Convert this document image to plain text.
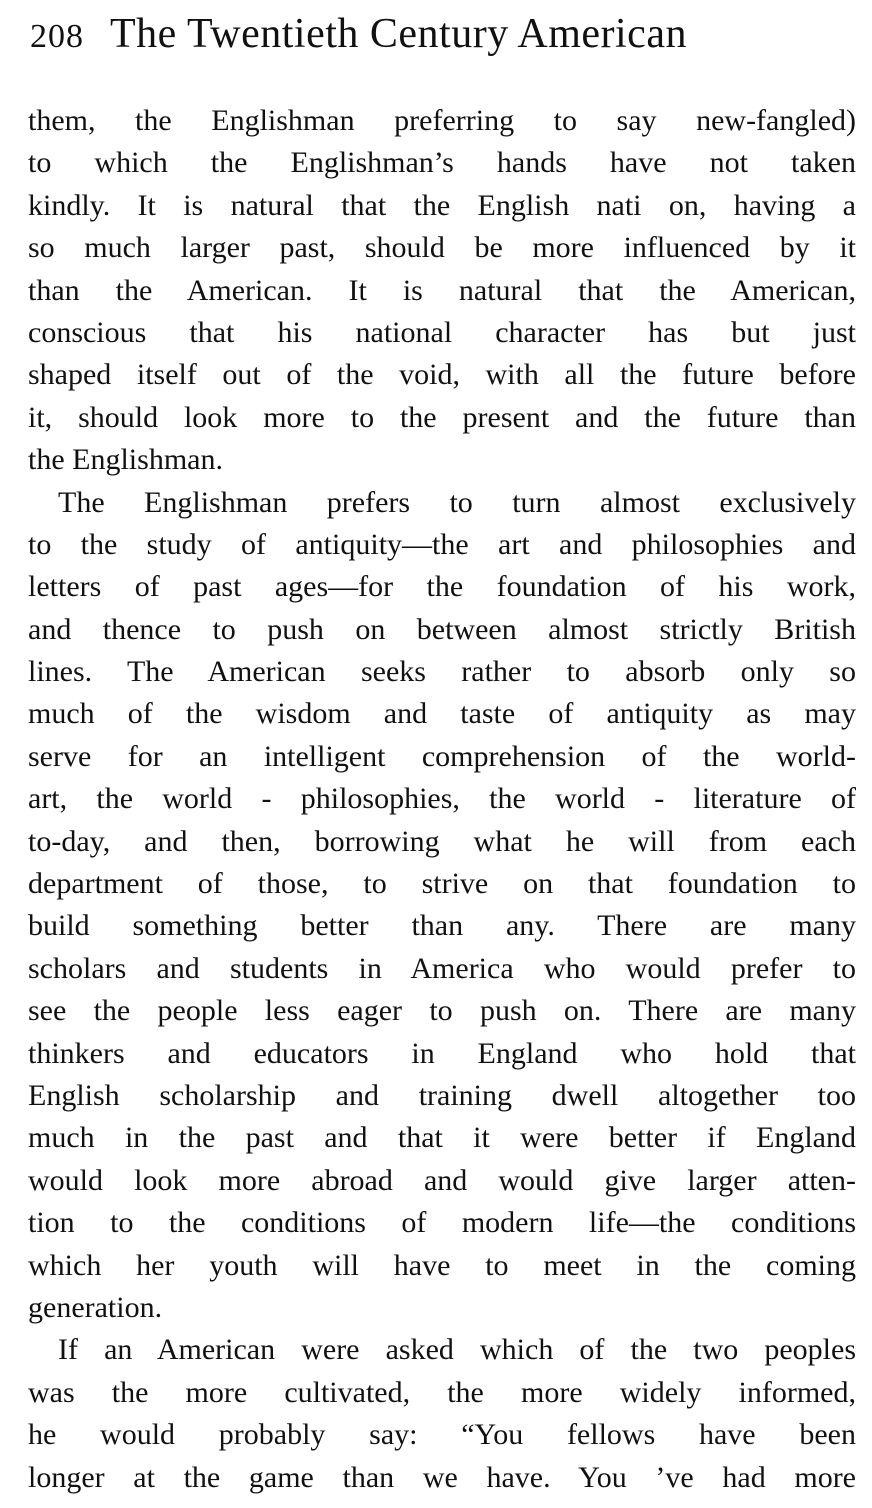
208 The Twentieth Century American
them, the Englishman preferring to say new-fangled)
to which the Englishman’s hands have not taken
kindly. It is natural that the English nati on, having a
so much larger past, should be more influenced by it
than the American. It is natural that the American,
conscious that his national character has but just
shaped itself out of the void, with all the future before
it, should look more to the present and the future than
the Englishman.
The Englishman prefers to turn almost exclusively
to the study of antiquity—the art and philosophies and
letters of past ages—for the foundation of his work,
and thence to push on between almost strictly British
lines. The American seeks rather to absorb only so
much of the wisdom and taste of antiquity as may
serve for an intelligent comprehension of the world-
art, the world - philosophies, the world - literature of
to-day, and then, borrowing what he will from each
department of those, to strive on that foundation to
build something better than any. There are many
scholars and students in America who would prefer to
see the people less eager to push on. There are many
thinkers and educators in England who hold that
English scholarship and training dwell altogether too
much in the past and that it were better if England
would look more abroad and would give larger atten-
tion to the conditions of modern life—the conditions
which her youth will have to meet in the coming
generation.
If an American were asked which of the two peoples
was the more cultivated, the more widely informed,
he would probably say: “You fellows have been
longer at the game than we have. You ’ve had more
